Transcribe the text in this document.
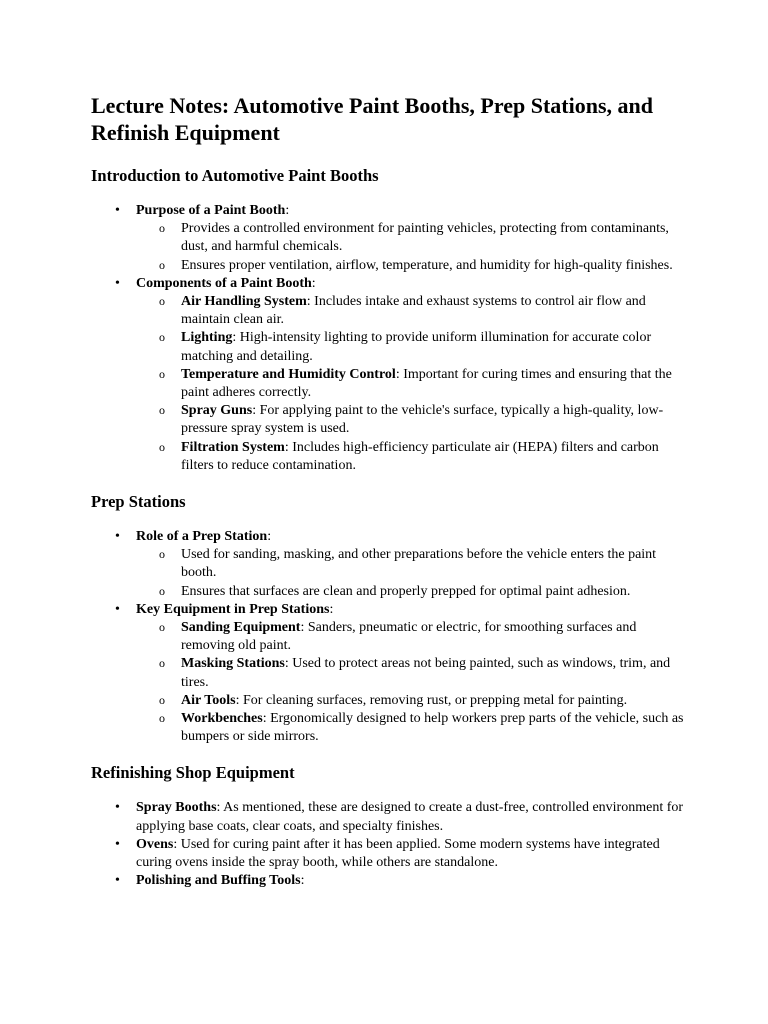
Lecture Notes: Automotive Paint Booths, Prep Stations, and Refinish Equipment
Introduction to Automotive Paint Booths
• Purpose of a Paint Booth:
o Provides a controlled environment for painting vehicles, protecting from contaminants, dust, and harmful chemicals.
o Ensures proper ventilation, airflow, temperature, and humidity for high-quality finishes.
• Components of a Paint Booth:
o Air Handling System: Includes intake and exhaust systems to control air flow and maintain clean air.
o Lighting: High-intensity lighting to provide uniform illumination for accurate color matching and detailing.
o Temperature and Humidity Control: Important for curing times and ensuring that the paint adheres correctly.
o Spray Guns: For applying paint to the vehicle's surface, typically a high-quality, low-pressure spray system is used.
o Filtration System: Includes high-efficiency particulate air (HEPA) filters and carbon filters to reduce contamination.
Prep Stations
• Role of a Prep Station:
o Used for sanding, masking, and other preparations before the vehicle enters the paint booth.
o Ensures that surfaces are clean and properly prepped for optimal paint adhesion.
• Key Equipment in Prep Stations:
o Sanding Equipment: Sanders, pneumatic or electric, for smoothing surfaces and removing old paint.
o Masking Stations: Used to protect areas not being painted, such as windows, trim, and tires.
o Air Tools: For cleaning surfaces, removing rust, or prepping metal for painting.
o Workbenches: Ergonomically designed to help workers prep parts of the vehicle, such as bumpers or side mirrors.
Refinishing Shop Equipment
• Spray Booths: As mentioned, these are designed to create a dust-free, controlled environment for applying base coats, clear coats, and specialty finishes.
• Ovens: Used for curing paint after it has been applied. Some modern systems have integrated curing ovens inside the spray booth, while others are standalone.
• Polishing and Buffing Tools:
